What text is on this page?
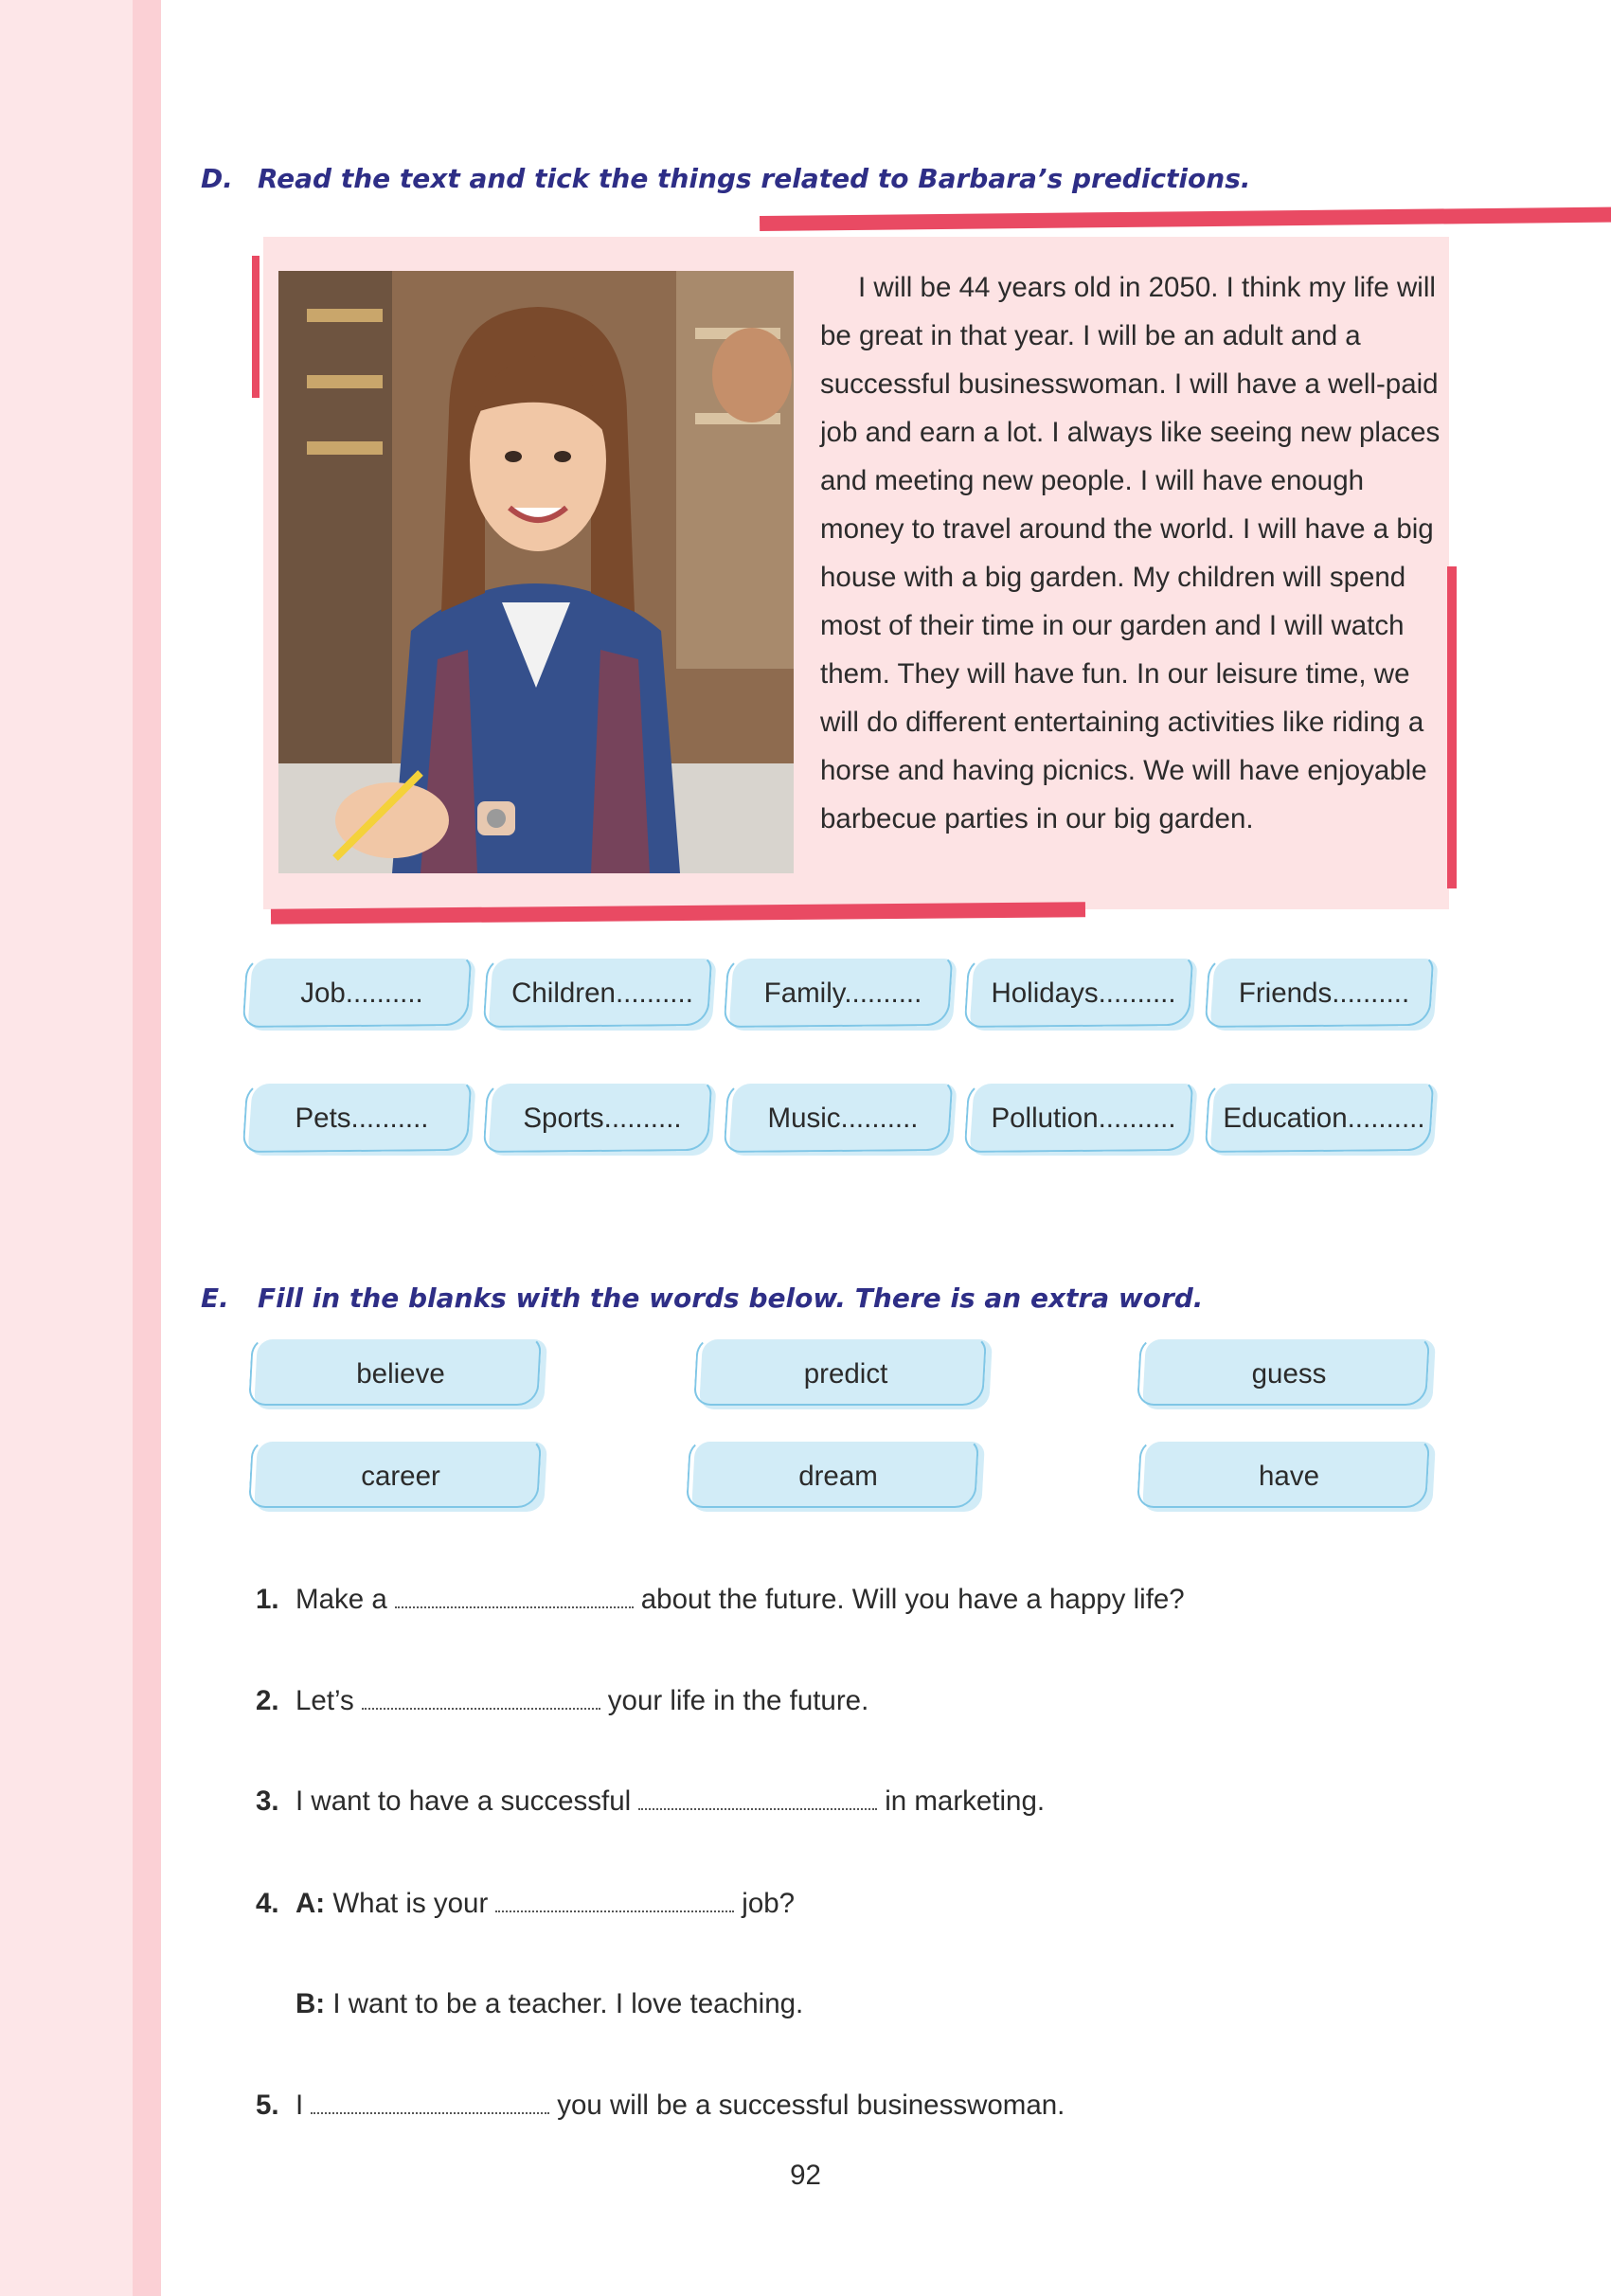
D. Read the text and tick the things related to Barbara’s predictions.

I will be 44 years old in 2050. I think my life will be great in that year. I will be an adult and a successful businesswoman. I will have a well-paid job and earn a lot. I always like seeing new places and meeting new people. I will have enough money to travel around the world. I will have a big house with a big garden. My children will spend most of their time in our garden and I will watch them. They will have fun. In our leisure time, we will do different entertaining activities like riding a horse and having picnics. We will have enjoyable barbecue parties in our big garden.

Job..........	Children..........	Family..........	Holidays..........	Friends..........
Pets..........	Sports..........	Music..........	Pollution..........	Education..........
E. Fill in the blanks with the words below. There is an extra word.
believe	predict	guess
career	dream	have
1. Make a	about the future. Will you have a happy life?
2. Let’s	your life in the future.
3. I want to have a successful	in marketing.
4. A: What is your	job?
B: I want to be a teacher. I love teaching.
5. I	you will be a successful businesswoman.
92
